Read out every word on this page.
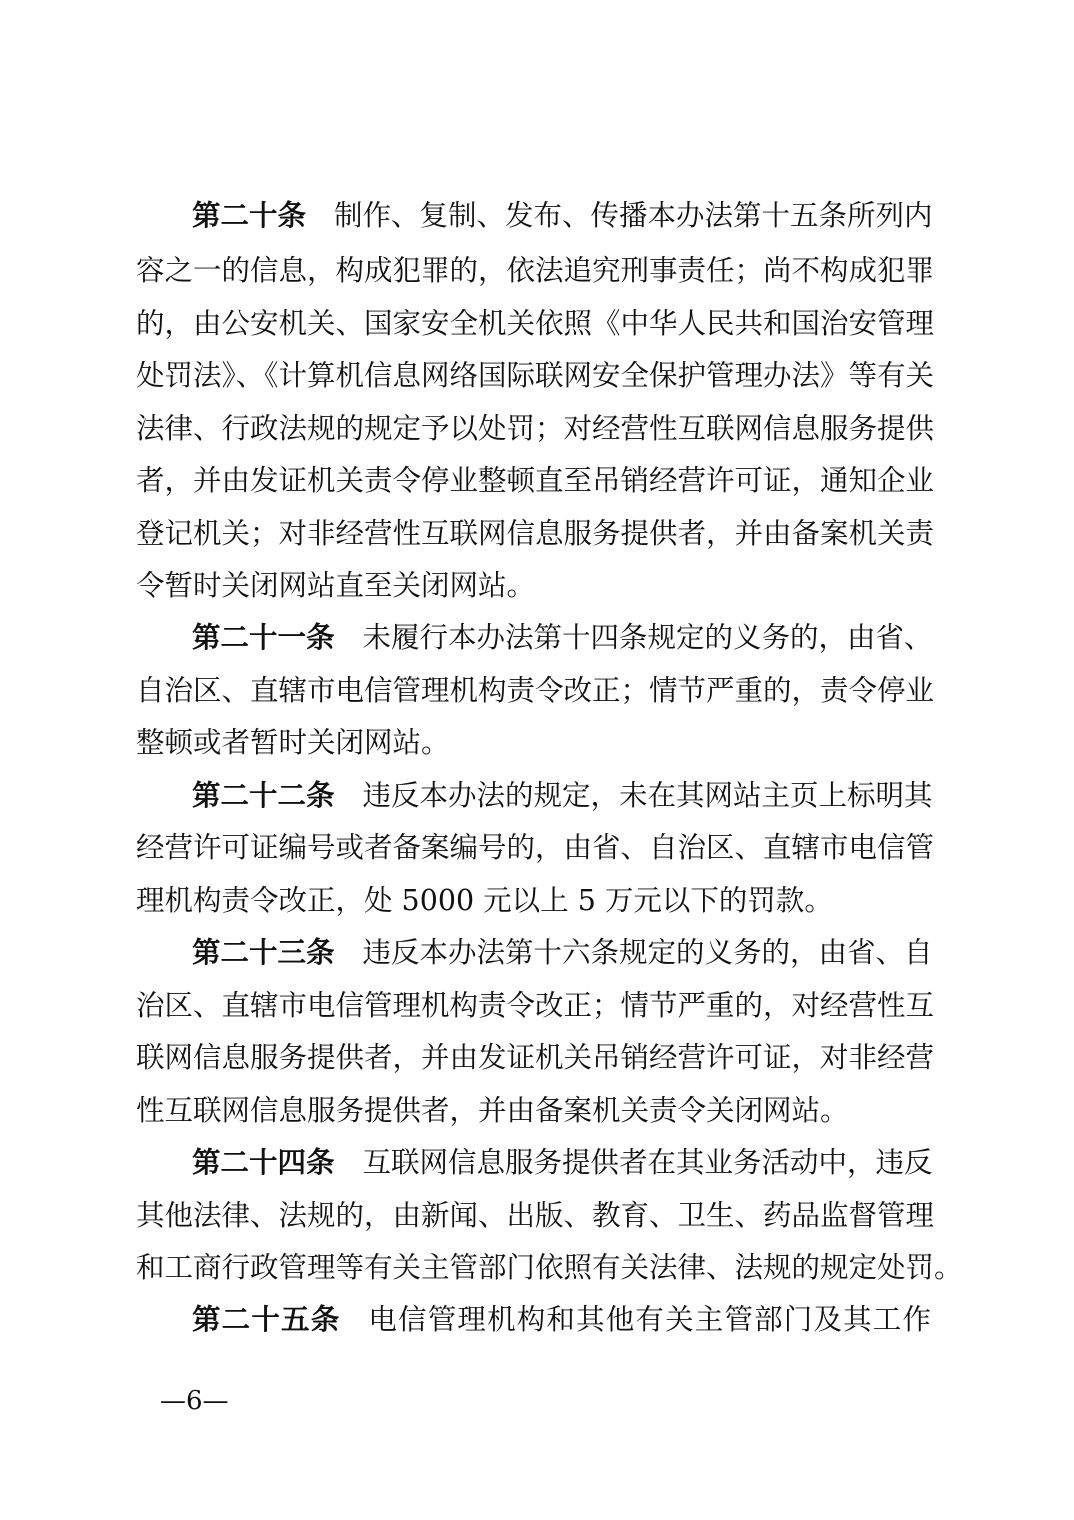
第二十条 制作、复制、发布、传播本办法第十五条所列内
容之一的信息，构成犯罪的，依法追究刑事责任；尚不构成犯罪
的，由公安机关、国家安全机关依照《中华人民共和国治安管理
处罚法》、《计算机信息网络国际联网安全保护管理办法》等有关
法律、行政法规的规定予以处罚；对经营性互联网信息服务提供
者，并由发证机关责令停业整顿直至吊销经营许可证，通知企业
登记机关；对非经营性互联网信息服务提供者，并由备案机关责
令暂时关闭网站直至关闭网站。
第二十一条 未履行本办法第十四条规定的义务的，由省、
自治区、直辖市电信管理机构责令改正；情节严重的，责令停业
整顿或者暂时关闭网站。
第二十二条 违反本办法的规定，未在其网站主页上标明其
经营许可证编号或者备案编号的，由省、自治区、直辖市电信管
理机构责令改正，处 5000 元以上 5 万元以下的罚款。
第二十三条 违反本办法第十六条规定的义务的，由省、自
治区、直辖市电信管理机构责令改正；情节严重的，对经营性互
联网信息服务提供者，并由发证机关吊销经营许可证，对非经营
性互联网信息服务提供者，并由备案机关责令关闭网站。
第二十四条 互联网信息服务提供者在其业务活动中，违反
其他法律、法规的，由新闻、出版、教育、卫生、药品监督管理
和工商行政管理等有关主管部门依照有关法律、法规的规定处罚。
第二十五条 电信管理机构和其他有关主管部门及其工作
—6—
